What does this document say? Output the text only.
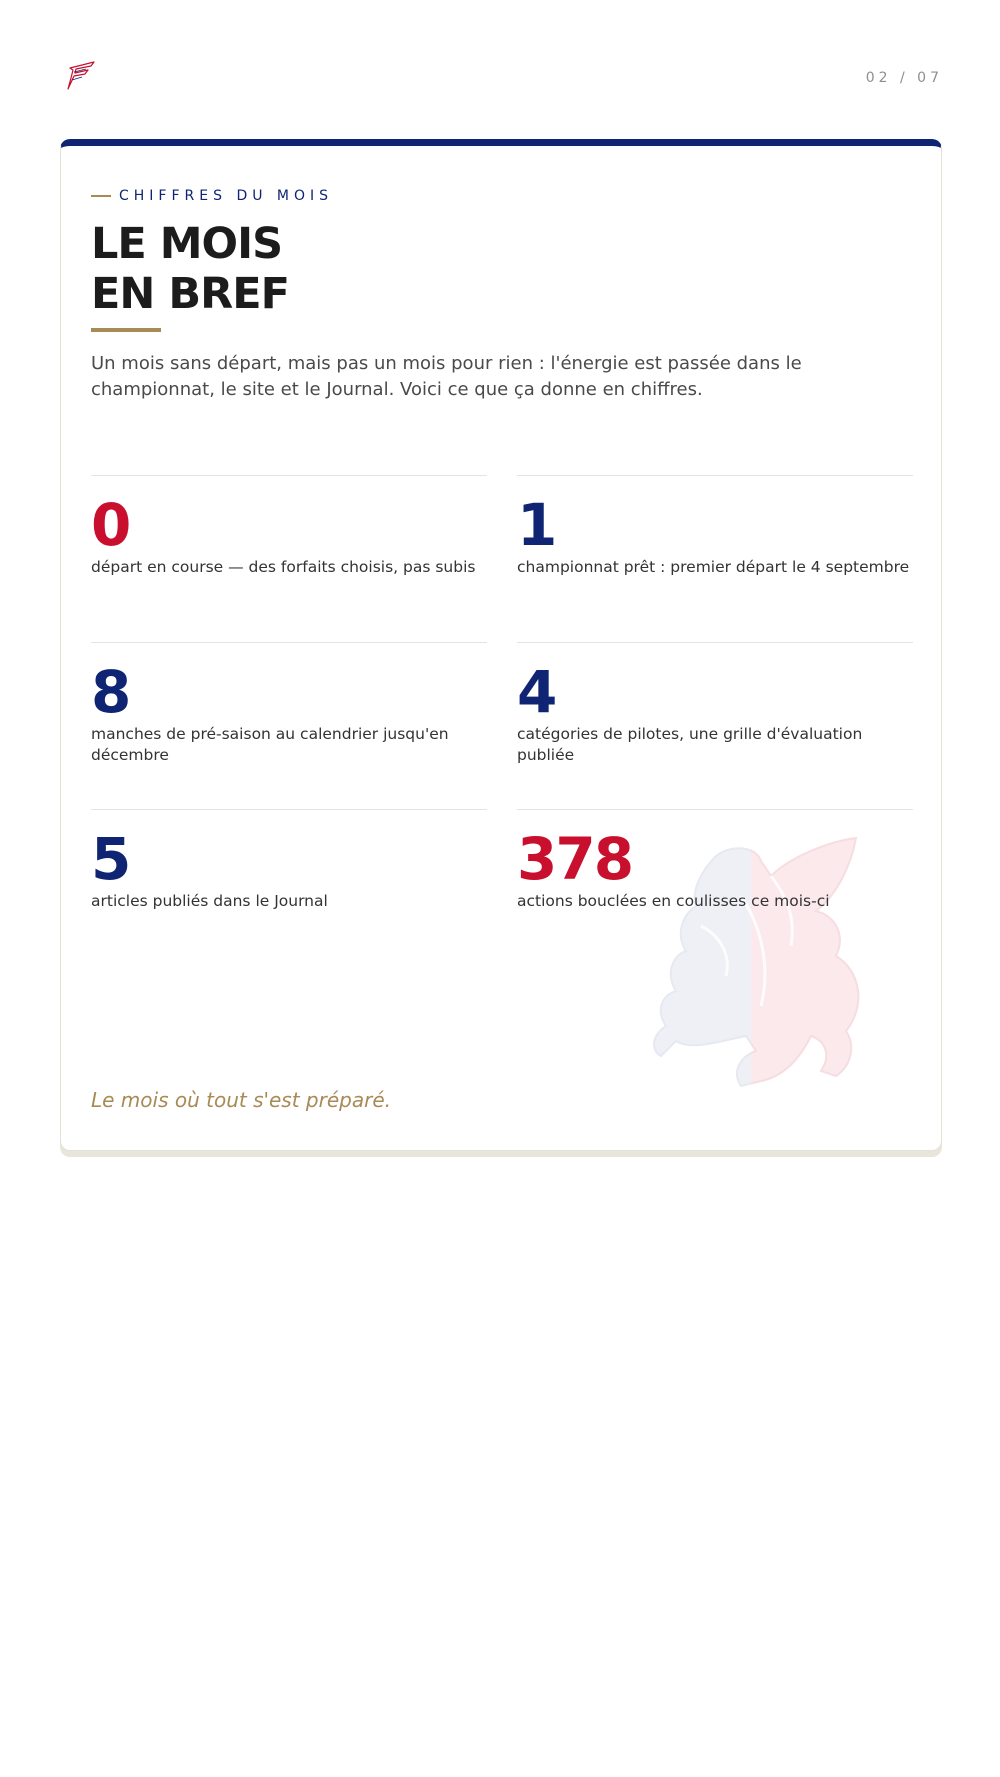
02 / 07
CHIFFRES DU MOIS
LE MOIS
EN BREF

Un mois sans départ, mais pas un mois pour rien : l'énergie est passée dans le championnat, le site et le Journal. Voici ce que ça donne en chiffres.

0
départ en course — des forfaits choisis, pas subis
1
championnat prêt : premier départ le 4 septembre
8
manches de pré-saison au calendrier jusqu'en décembre
4
catégories de pilotes, une grille d'évaluation publiée
5
articles publiés dans le Journal
378
actions bouclées en coulisses ce mois-ci
Le mois où tout s'est préparé.
